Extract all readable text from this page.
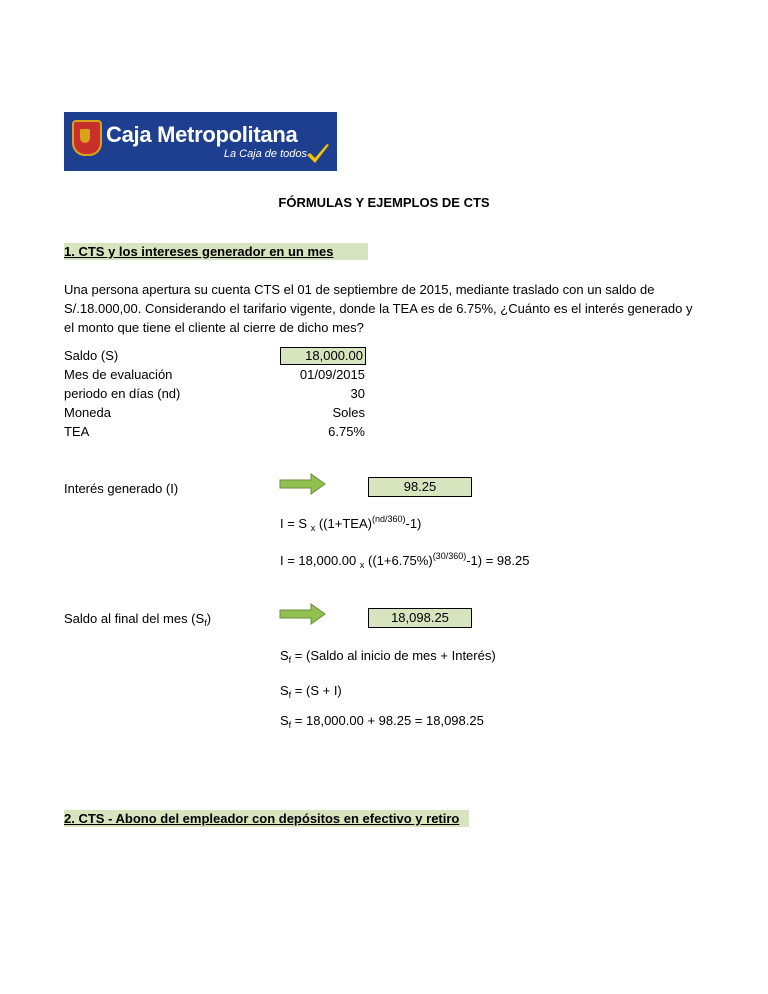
Caja Metropolitana
La Caja de todos
FÓRMULAS Y EJEMPLOS DE CTS
1. CTS y los intereses generador en un mes
Una persona apertura su cuenta CTS el 01 de septiembre de 2015, mediante traslado con un saldo de S/.18.000,00. Considerando el tarifario vigente, donde la TEA es de 6.75%, ¿Cuánto es el interés generado y el monto que tiene el cliente al cierre de dicho mes?
Saldo (S)	18,000.00
Mes de evaluación	01/09/2015
periodo en días (nd)	30
Moneda	Soles
TEA	6.75%
Interés generado (I)	98.25
I = S $_x$ $((1+TEA)^{(nd/360)}-1)$
I = 18,000.00 $_x$ $((1+6.75\%)^{(30/360)}-1) = 98.25$
Saldo al final del mes $(S_f)$	18,098.25
$S_f$ = (Saldo al inicio de mes + Interés)
$S_f = (S + I)$
$S_f = 18,000.00 + 98.25 = 18,098.25$
2. CTS - Abono del empleador con depósitos en efectivo y retiro
